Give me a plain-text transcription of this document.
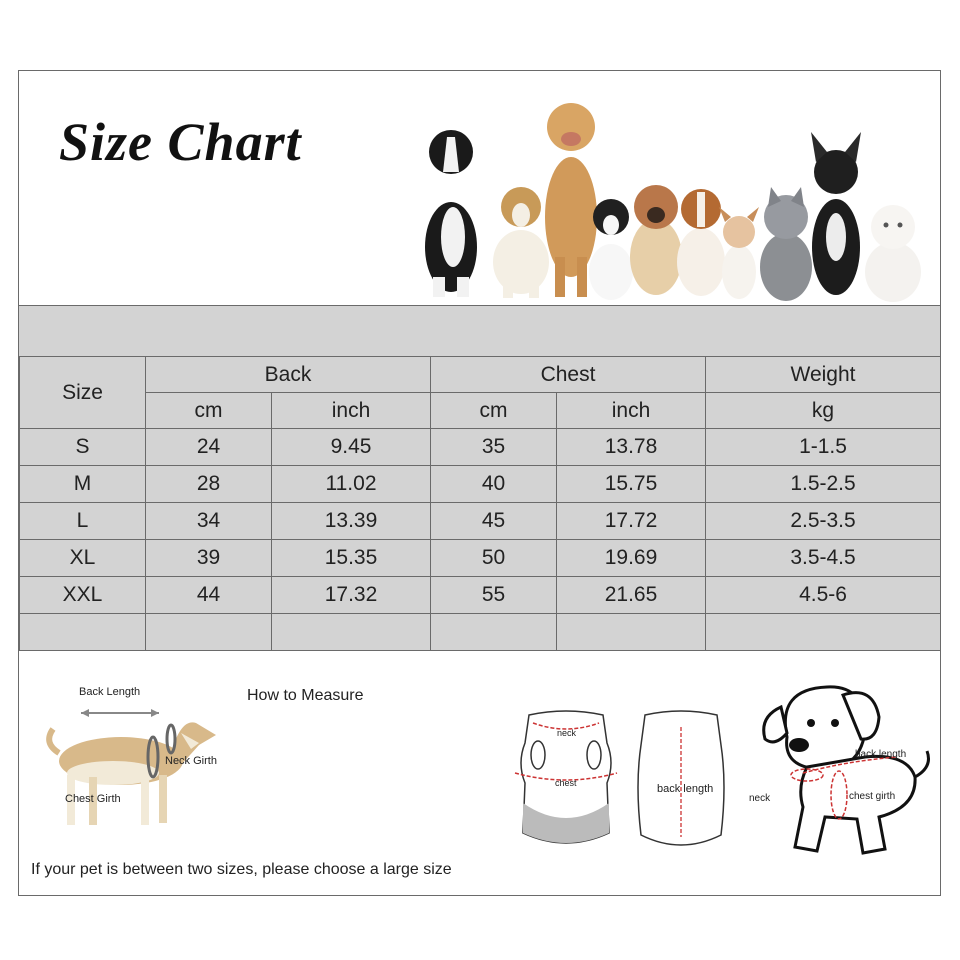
Size Chart
Size	Back		Chest		Weight
	cm	inch	cm	inch	kg
S	24	9.45	35	13.78	1-1.5
M	28	11.02	40	15.75	1.5-2.5
L	34	13.39	45	17.72	2.5-3.5
XL	39	15.35	50	19.69	3.5-4.5
XXL	44	17.32	55	21.65	4.5-6

Back Length
Neck Girth
Chest Girth
How to Measure
neck
chest	back length
back length
neck	chest girth
If your pet is between two sizes, please choose a large size
